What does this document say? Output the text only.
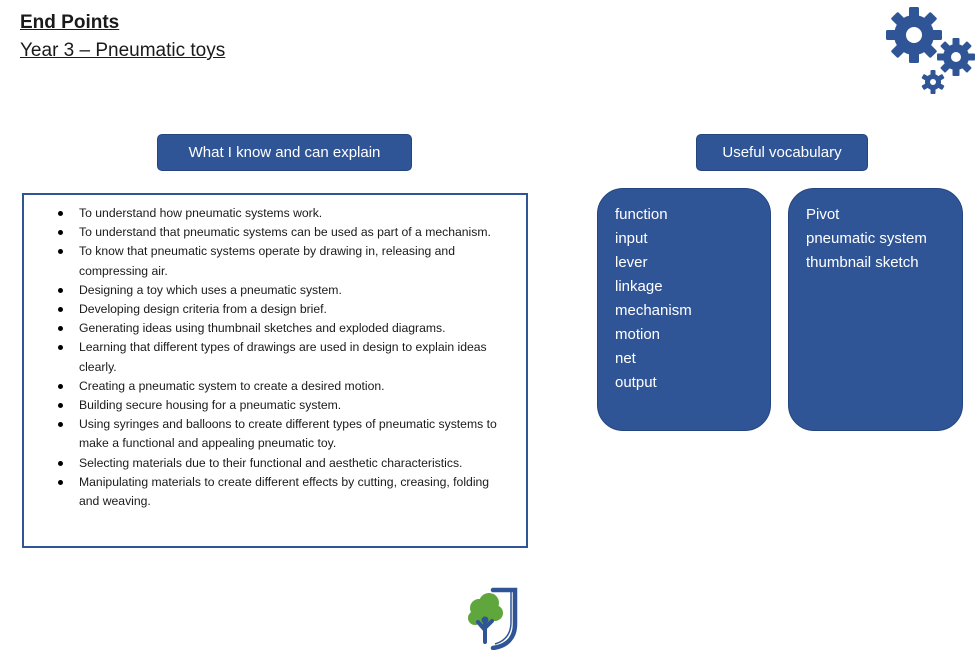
End Points
Year 3 – Pneumatic toys
What I know and can explain	Useful vocabulary
To understand how pneumatic systems work.
To understand that pneumatic systems can be used as part of a mechanism.
To know that pneumatic systems operate by drawing in, releasing and compressing air.
Designing a toy which uses a pneumatic system.
Developing design criteria from a design brief.
Generating ideas using thumbnail sketches and exploded diagrams.
Learning that different types of drawings are used in design to explain ideas clearly.
Creating a pneumatic system to create a desired motion.
Building secure housing for a pneumatic system.
Using syringes and balloons to create different types of pneumatic systems to make a functional and appealing pneumatic toy.
Selecting materials due to their functional and aesthetic characteristics.
Manipulating materials to create different effects by cutting, creasing, folding and weaving.
function
input
lever
linkage
mechanism
motion
net
output
Pivot
pneumatic system
thumbnail sketch
